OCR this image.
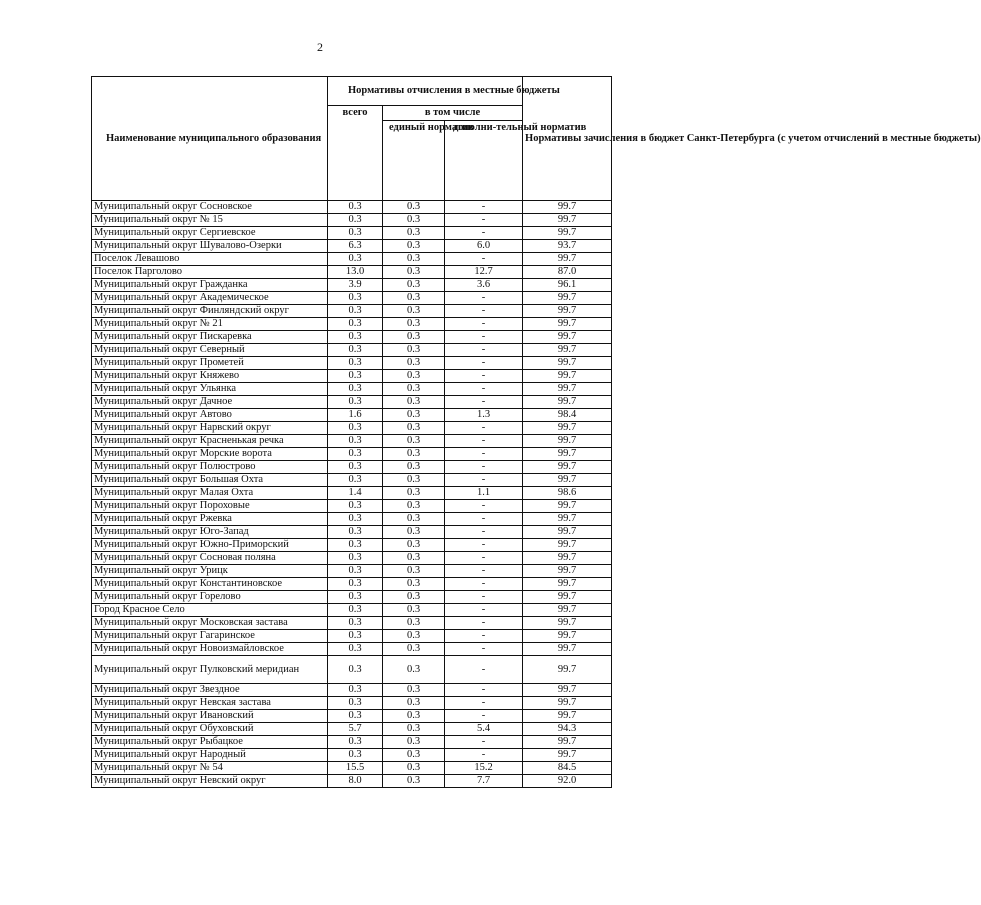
2
Наименование муниципального образования	Нормативы отчисления в местные бюджеты			Нормативы зачисления в бюджет Санкт-Петербурга (с учетом отчислений в местные бюджеты)
	всего	в том числе		
		единый норматив	дополни-тельный норматив	
Муниципальный округ Сосновское	0.3	0.3	-	99.7
Муниципальный округ № 15	0.3	0.3	-	99.7
Муниципальный округ Сергиевское	0.3	0.3	-	99.7
Муниципальный округ Шувалово-Озерки	6.3	0.3	6.0	93.7
Поселок Левашово	0.3	0.3	-	99.7
Поселок Парголово	13.0	0.3	12.7	87.0
Муниципальный округ Гражданка	3.9	0.3	3.6	96.1
Муниципальный округ Академическое	0.3	0.3	-	99.7
Муниципальный округ Финляндский округ	0.3	0.3	-	99.7
Муниципальный округ № 21	0.3	0.3	-	99.7
Муниципальный округ Пискаревка	0.3	0.3	-	99.7
Муниципальный округ Северный	0.3	0.3	-	99.7
Муниципальный округ Прометей	0.3	0.3	-	99.7
Муниципальный округ Княжево	0.3	0.3	-	99.7
Муниципальный округ Ульянка	0.3	0.3	-	99.7
Муниципальный округ Дачное	0.3	0.3	-	99.7
Муниципальный округ Автово	1.6	0.3	1.3	98.4
Муниципальный округ Нарвский округ	0.3	0.3	-	99.7
Муниципальный округ Красненькая речка	0.3	0.3	-	99.7
Муниципальный округ Морские ворота	0.3	0.3	-	99.7
Муниципальный округ Полюстрово	0.3	0.3	-	99.7
Муниципальный округ Большая Охта	0.3	0.3	-	99.7
Муниципальный округ Малая Охта	1.4	0.3	1.1	98.6
Муниципальный округ Пороховые	0.3	0.3	-	99.7
Муниципальный округ Ржевка	0.3	0.3	-	99.7
Муниципальный округ Юго-Запад	0.3	0.3	-	99.7
Муниципальный округ Южно-Приморский	0.3	0.3	-	99.7
Муниципальный округ Сосновая поляна	0.3	0.3	-	99.7
Муниципальный округ Урицк	0.3	0.3	-	99.7
Муниципальный округ Константиновское	0.3	0.3	-	99.7
Муниципальный округ Горелово	0.3	0.3	-	99.7
Город Красное Село	0.3	0.3	-	99.7
Муниципальный округ Московская застава	0.3	0.3	-	99.7
Муниципальный округ Гагаринское	0.3	0.3	-	99.7
Муниципальный округ Новоизмайловское	0.3	0.3	-	99.7
Муниципальный округ Пулковский меридиан	0.3	0.3	-	99.7
Муниципальный округ Звездное	0.3	0.3	-	99.7
Муниципальный округ Невская застава	0.3	0.3	-	99.7
Муниципальный округ Ивановский	0.3	0.3	-	99.7
Муниципальный округ Обуховский	5.7	0.3	5.4	94.3
Муниципальный округ Рыбацкое	0.3	0.3	-	99.7
Муниципальный округ Народный	0.3	0.3	-	99.7
Муниципальный округ № 54	15.5	0.3	15.2	84.5
Муниципальный округ Невский округ	8.0	0.3	7.7	92.0
